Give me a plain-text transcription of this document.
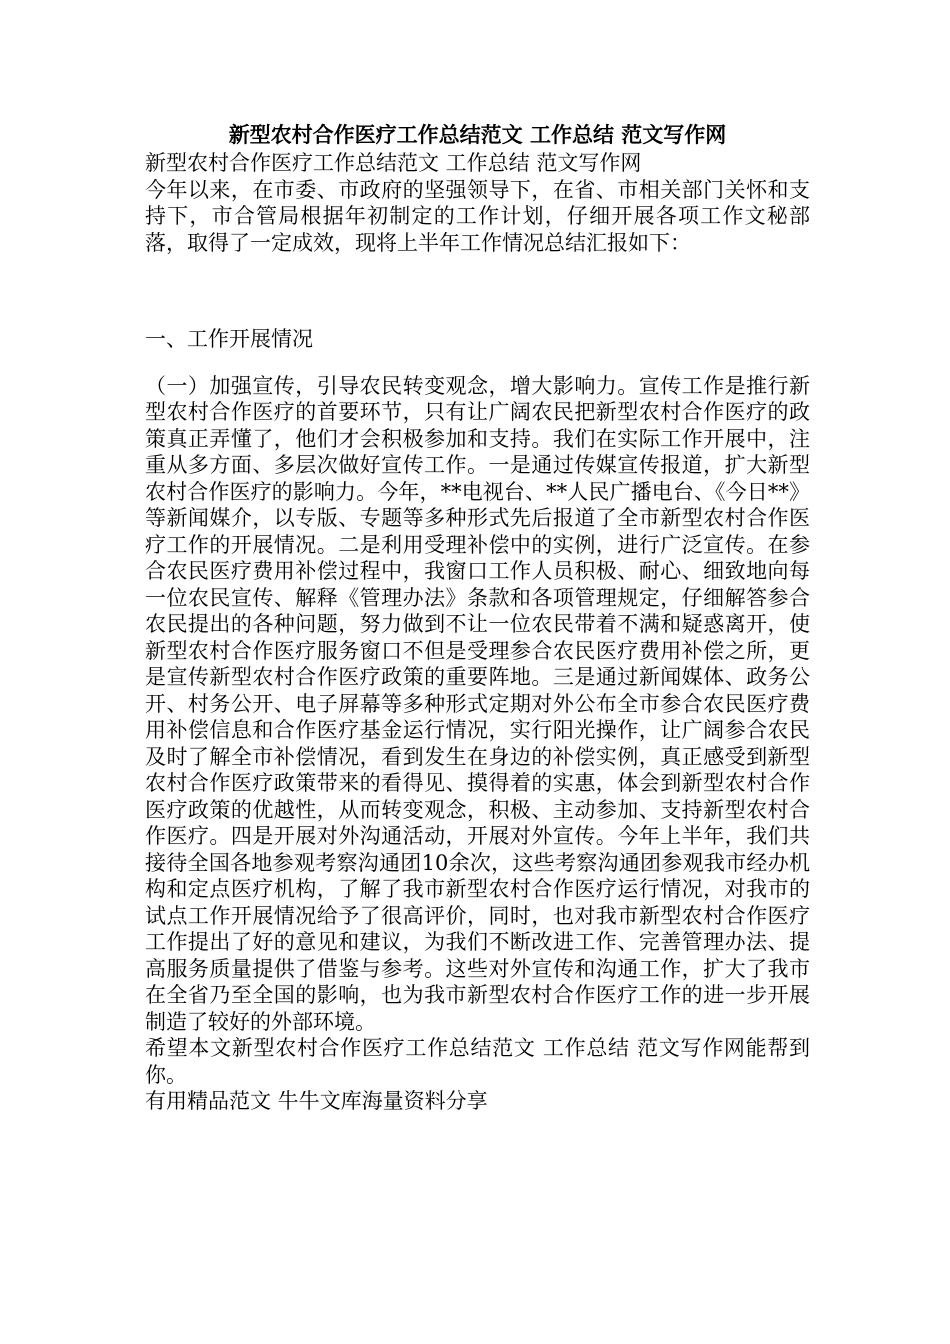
新型农村合作医疗工作总结范文 工作总结 范文写作网

新型农村合作医疗工作总结范文 工作总结 范文写作网

今年以来，在市委、市政府的坚强领导下，在省、市相关部门关怀和支持下，市合管局根据年初制定的工作计划，仔细开展各项工作文秘部落，取得了一定成效，现将上半年工作情况总结汇报如下：

一、工作开展情况

（一）加强宣传，引导农民转变观念，增大影响力。宣传工作是推行新型农村合作医疗的首要环节，只有让广阔农民把新型农村合作医疗的政策真正弄懂了，他们才会积极参加和支持。我们在实际工作开展中，注重从多方面、多层次做好宣传工作。一是通过传媒宣传报道，扩大新型农村合作医疗的影响力。今年，**电视台、**人民广播电台、《今日**》等新闻媒介，以专版、专题等多种形式先后报道了全市新型农村合作医疗工作的开展情况。二是利用受理补偿中的实例，进行广泛宣传。在参合农民医疗费用补偿过程中，我窗口工作人员积极、耐心、细致地向每一位农民宣传、解释《管理办法》条款和各项管理规定，仔细解答参合农民提出的各种问题，努力做到不让一位农民带着不满和疑惑离开，使新型农村合作医疗服务窗口不但是受理参合农民医疗费用补偿之所，更是宣传新型农村合作医疗政策的重要阵地。三是通过新闻媒体、政务公开、村务公开、电子屏幕等多种形式定期对外公布全市参合农民医疗费用补偿信息和合作医疗基金运行情况，实行阳光操作，让广阔参合农民及时了解全市补偿情况，看到发生在身边的补偿实例，真正感受到新型农村合作医疗政策带来的看得见、摸得着的实惠，体会到新型农村合作医疗政策的优越性，从而转变观念，积极、主动参加、支持新型农村合作医疗。四是开展对外沟通活动，开展对外宣传。今年上半年，我们共接待全国各地参观考察沟通团10余次，这些考察沟通团参观我市经办机构和定点医疗机构，了解了我市新型农村合作医疗运行情况，对我市的试点工作开展情况给予了很高评价，同时，也对我市新型农村合作医疗工作提出了好的意见和建议，为我们不断改进工作、完善管理办法、提高服务质量提供了借鉴与参考。这些对外宣传和沟通工作，扩大了我市在全省乃至全国的影响，也为我市新型农村合作医疗工作的进一步开展制造了较好的外部环境。

希望本文新型农村合作医疗工作总结范文 工作总结 范文写作网能帮到你。

有用精品范文 牛牛文库海量资料分享
